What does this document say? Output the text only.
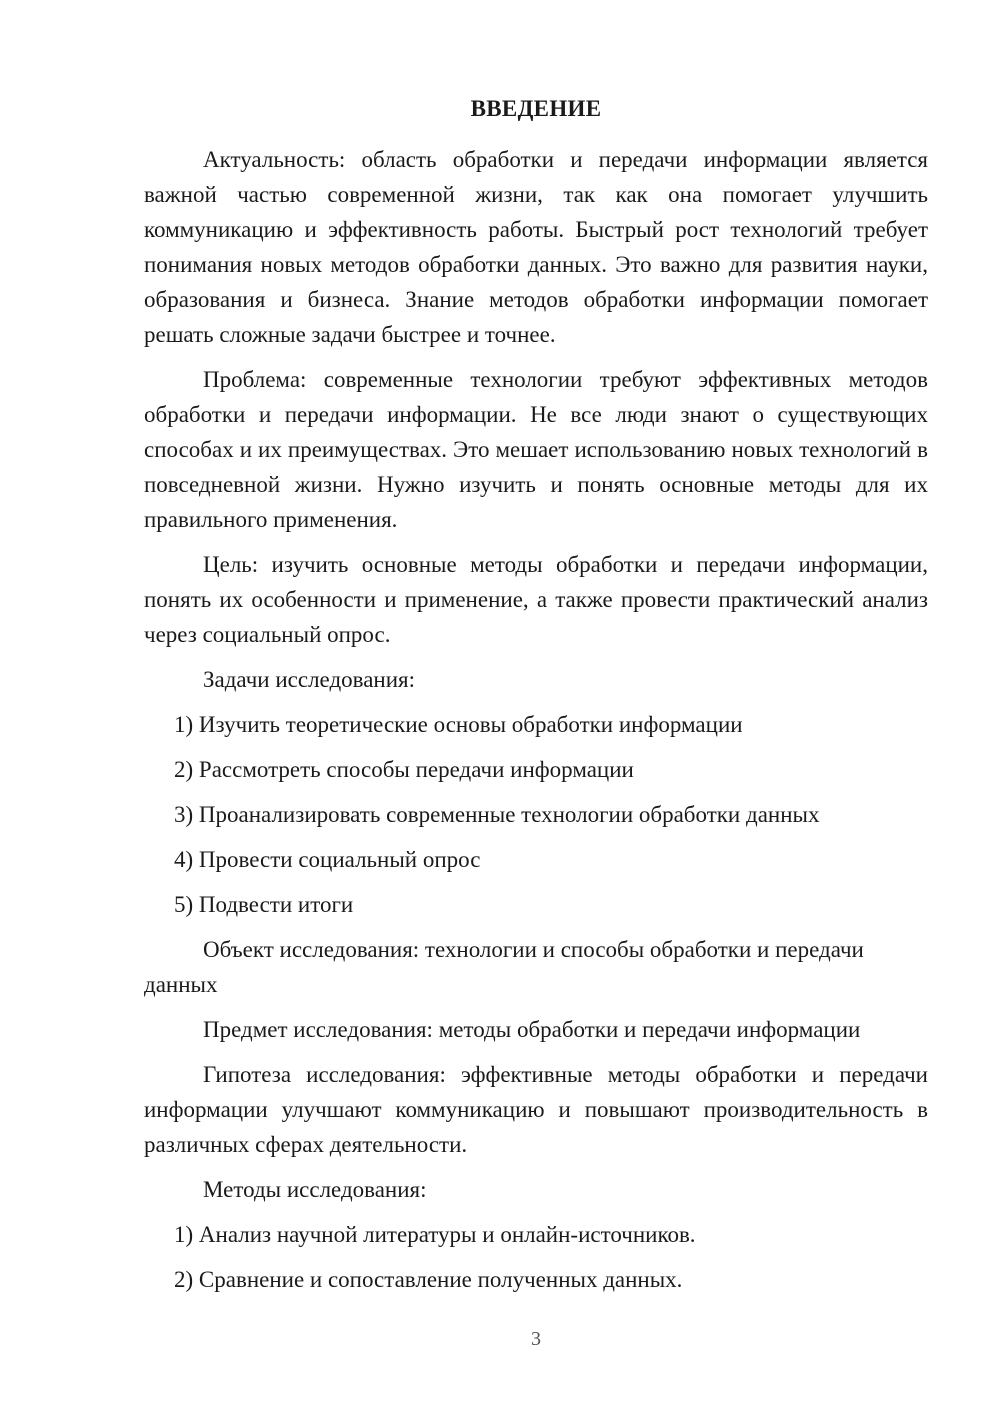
ВВЕДЕНИЕ

Актуальность: область обработки и передачи информации является важной частью современной жизни, так как она помогает улучшить коммуникацию и эффективность работы. Быстрый рост технологий требует понимания новых методов обработки данных. Это важно для развития науки, образования и бизнеса. Знание методов обработки информации помогает решать сложные задачи быстрее и точнее.

Проблема: современные технологии требуют эффективных методов обработки и передачи информации. Не все люди знают о существующих способах и их преимуществах. Это мешает использованию новых технологий в повседневной жизни. Нужно изучить и понять основные методы для их правильного применения.

Цель: изучить основные методы обработки и передачи информации, понять их особенности и применение, а также провести практический анализ через социальный опрос.

Задачи исследования:

1) Изучить теоретические основы обработки информации

2) Рассмотреть способы передачи информации

3) Проанализировать современные технологии обработки данных

4) Провести социальный опрос

5) Подвести итоги

Объект исследования: технологии и способы обработки и передачи данных

Предмет исследования: методы обработки и передачи информации

Гипотеза исследования: эффективные методы обработки и передачи информации улучшают коммуникацию и повышают производительность в различных сферах деятельности.

Методы исследования:

1) Анализ научной литературы и онлайн-источников.

2) Сравнение и сопоставление полученных данных.

3
